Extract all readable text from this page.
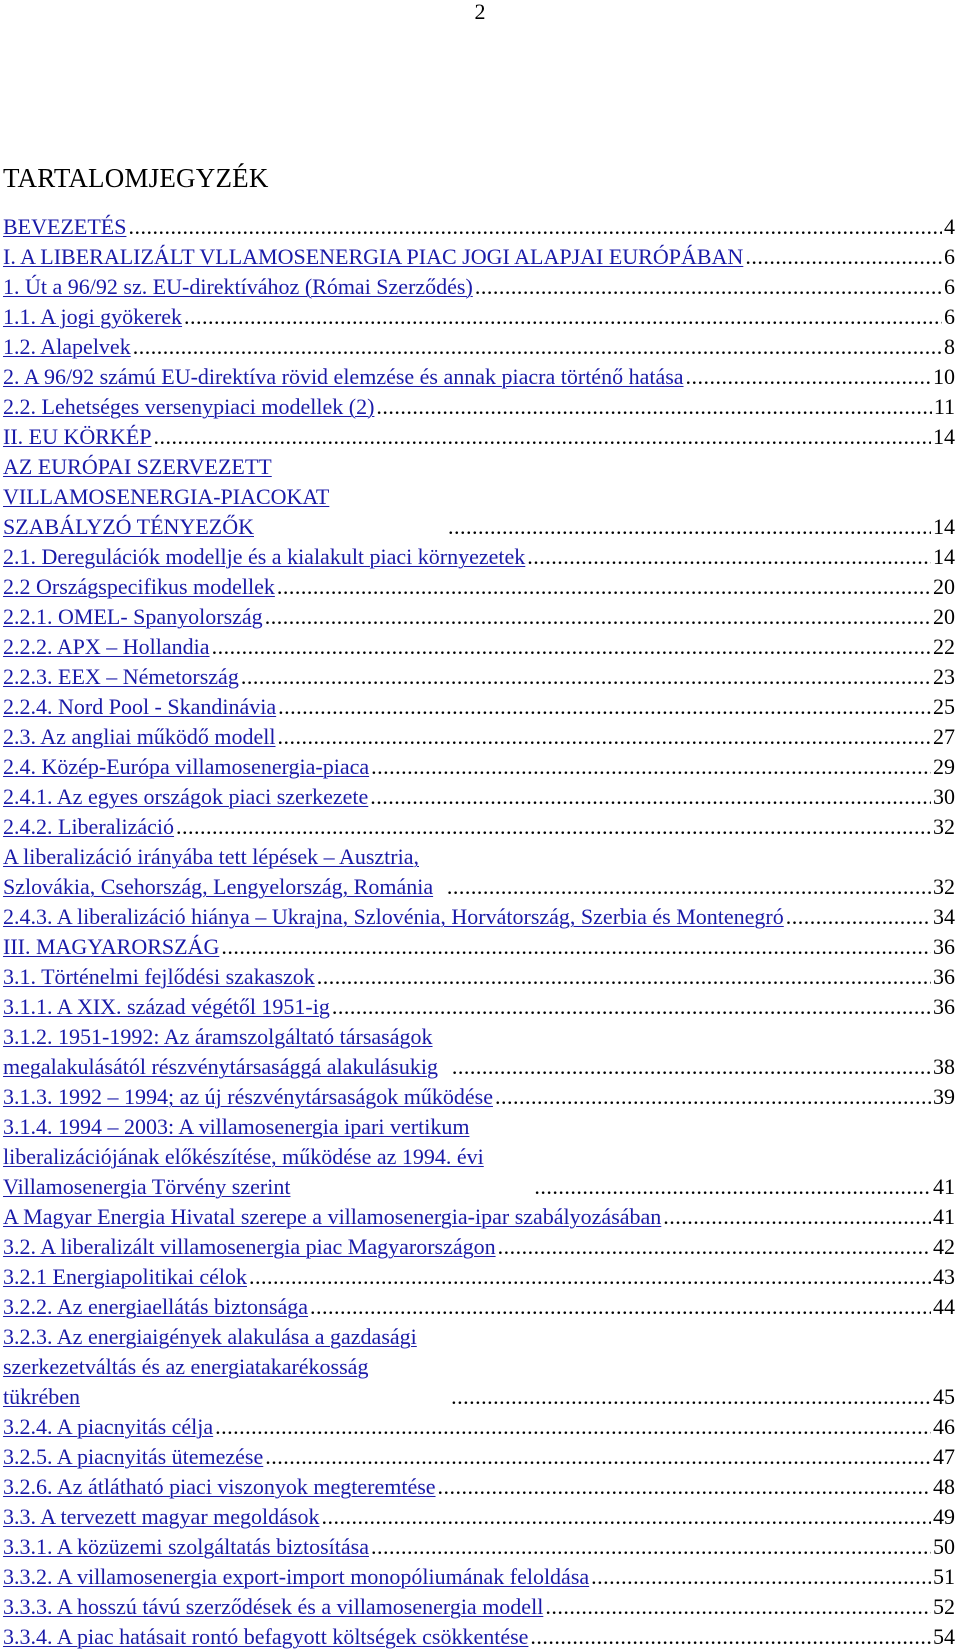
2
TARTALOMJEGYZÉK
BEVEZETÉS . . .	4
I. A LIBERALIZÁLT VLLAMOSENERGIA PIAC JOGI ALAPJAI EURÓPÁBAN . . .	6
1. Út a 96/92 sz. EU-direktívához (Római Szerződés) . . .	6
1.1. A jogi gyökerek . . .	6
1.2. Alapelvek . . .	8
2. A 96/92 számú EU-direktíva rövid elemzése és annak piacra történő hatása . . .	10
2.2. Lehetséges versenypiaci modellek (2) . . .	11
II. EU KÖRKÉP . . .	14
AZ EURÓPAI SZERVEZETT VILLAMOSENERGIA-PIACOKAT SZABÁLYZÓ TÉNYEZŐK . . .	14
2.1. Deregulációk modellje és a kialakult piaci környezetek . . .	14
2.2 Országspecifikus modellek . . .	20
2.2.1. OMEL- Spanyolország . . .	20
2.2.2. APX – Hollandia . . .	22
2.2.3. EEX – Németország . . .	23
2.2.4. Nord Pool - Skandinávia . . .	25
2.3. Az angliai működő modell . . .	27
2.4. Közép-Európa villamosenergia-piaca . . .	29
2.4.1. Az egyes országok piaci szerkezete . . .	30
2.4.2. Liberalizáció . . .	32
A liberalizáció irányába tett lépések – Ausztria, Szlovákia, Csehország, Lengyelország, Románia . . .	32
2.4.3. A liberalizáció hiánya – Ukrajna, Szlovénia, Horvátország, Szerbia és Montenegró . . .	34
III. MAGYARORSZÁG . . .	36
3.1. Történelmi fejlődési szakaszok . . .	36
3.1.1. A XIX. század végétől 1951-ig . . .	36
3.1.2. 1951-1992: Az áramszolgáltató társaságok megalakulásától részvénytársasággá alakulásukig . . .	38
3.1.3. 1992 – 1994; az új részvénytársaságok működése . . .	39
3.1.4. 1994 – 2003: A villamosenergia ipari vertikum liberalizációjának előkészítése, működése az 1994. évi Villamosenergia Törvény szerint . . .	41
A Magyar Energia Hivatal szerepe a villamosenergia-ipar szabályozásában . . .	41
3.2. A liberalizált villamosenergia piac Magyarországon . . .	42
3.2.1 Energiapolitikai célok . . .	43
3.2.2. Az energiaellátás biztonsága . . .	44
3.2.3. Az energiaigények alakulása a gazdasági szerkezetváltás és az energiatakarékosság tükrében . . .	45
3.2.4. A piacnyitás célja . . .	46
3.2.5. A piacnyitás ütemezése . . .	47
3.2.6. Az átlátható piaci viszonyok megteremtése . . .	48
3.3. A tervezett magyar megoldások . . .	49
3.3.1. A közüzemi szolgáltatás biztosítása . . .	50
3.3.2. A villamosenergia export-import monopóliumának feloldása . . .	51
3.3.3. A hosszú távú szerződések és a villamosenergia modell . . .	52
3.3.4. A piac hatásait rontó befagyott költségek csökkentése . . .	54
